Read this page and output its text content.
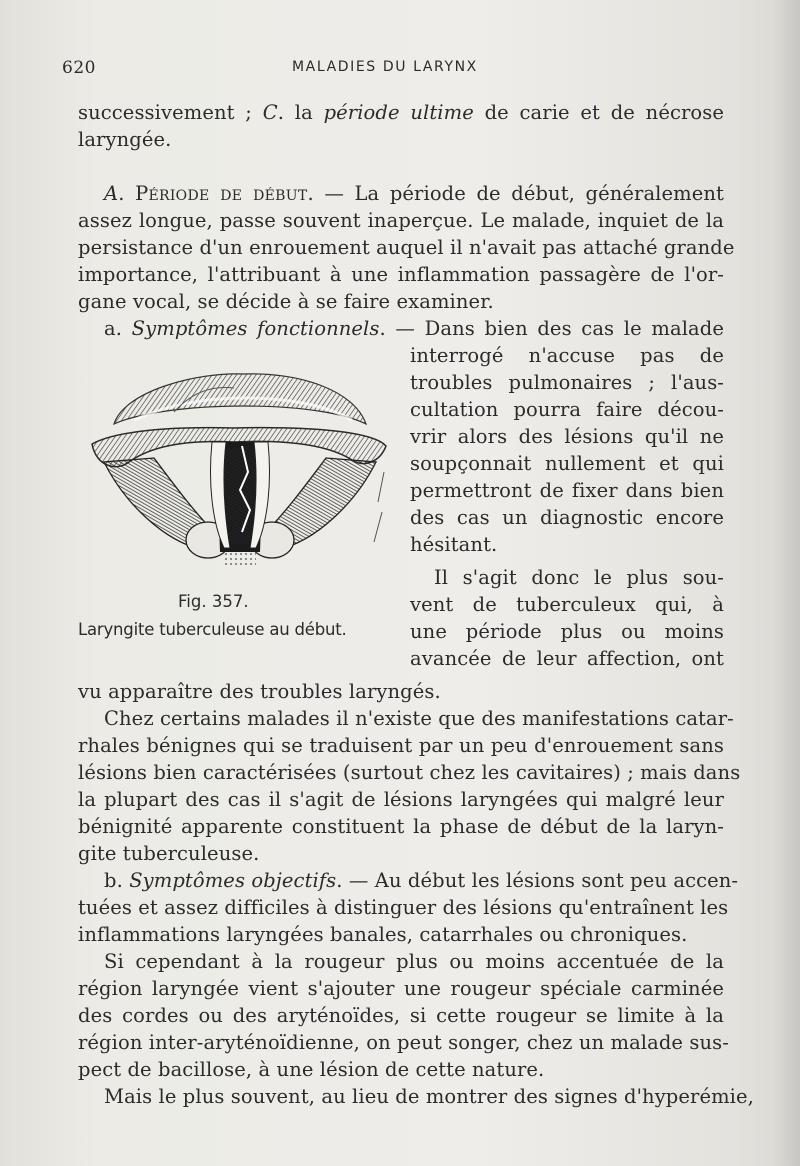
620	MALADIES DU LARYNX
successivement ; C. la période ultime de carie et de nécrose
laryngée.
A. Période de début. — La période de début, généralement
assez longue, passe souvent inaperçue. Le malade, inquiet de la
persistance d'un enrouement auquel il n'avait pas attaché grande
importance, l'attribuant à une inflammation passagère de l'or-
gane vocal, se décide à se faire examiner.
a. Symptômes fonctionnels. — Dans bien des cas le malade
interrogé n'accuse pas de
troubles pulmonaires ; l'aus-
cultation pourra faire décou-
vrir alors des lésions qu'il ne
soupçonnait nullement et qui
permettront de fixer dans bien
des cas un diagnostic encore
hésitant.
Il s'agit donc le plus sou-
vent de tuberculeux qui, à
une période plus ou moins
avancée de leur affection, ont
Fig. 357.
Laryngite tuberculeuse au début.
vu apparaître des troubles laryngés.
Chez certains malades il n'existe que des manifestations catar-
rhales bénignes qui se traduisent par un peu d'enrouement sans
lésions bien caractérisées (surtout chez les cavitaires) ; mais dans
la plupart des cas il s'agit de lésions laryngées qui malgré leur
bénignité apparente constituent la phase de début de la laryn-
gite tuberculeuse.
b. Symptômes objectifs. — Au début les lésions sont peu accen-
tuées et assez difficiles à distinguer des lésions qu'entraînent les
inflammations laryngées banales, catarrhales ou chroniques.
Si cependant à la rougeur plus ou moins accentuée de la
région laryngée vient s'ajouter une rougeur spéciale carminée
des cordes ou des aryténoïdes, si cette rougeur se limite à la
région inter-aryténoïdienne, on peut songer, chez un malade sus-
pect de bacillose, à une lésion de cette nature.
Mais le plus souvent, au lieu de montrer des signes d'hyperémie,
